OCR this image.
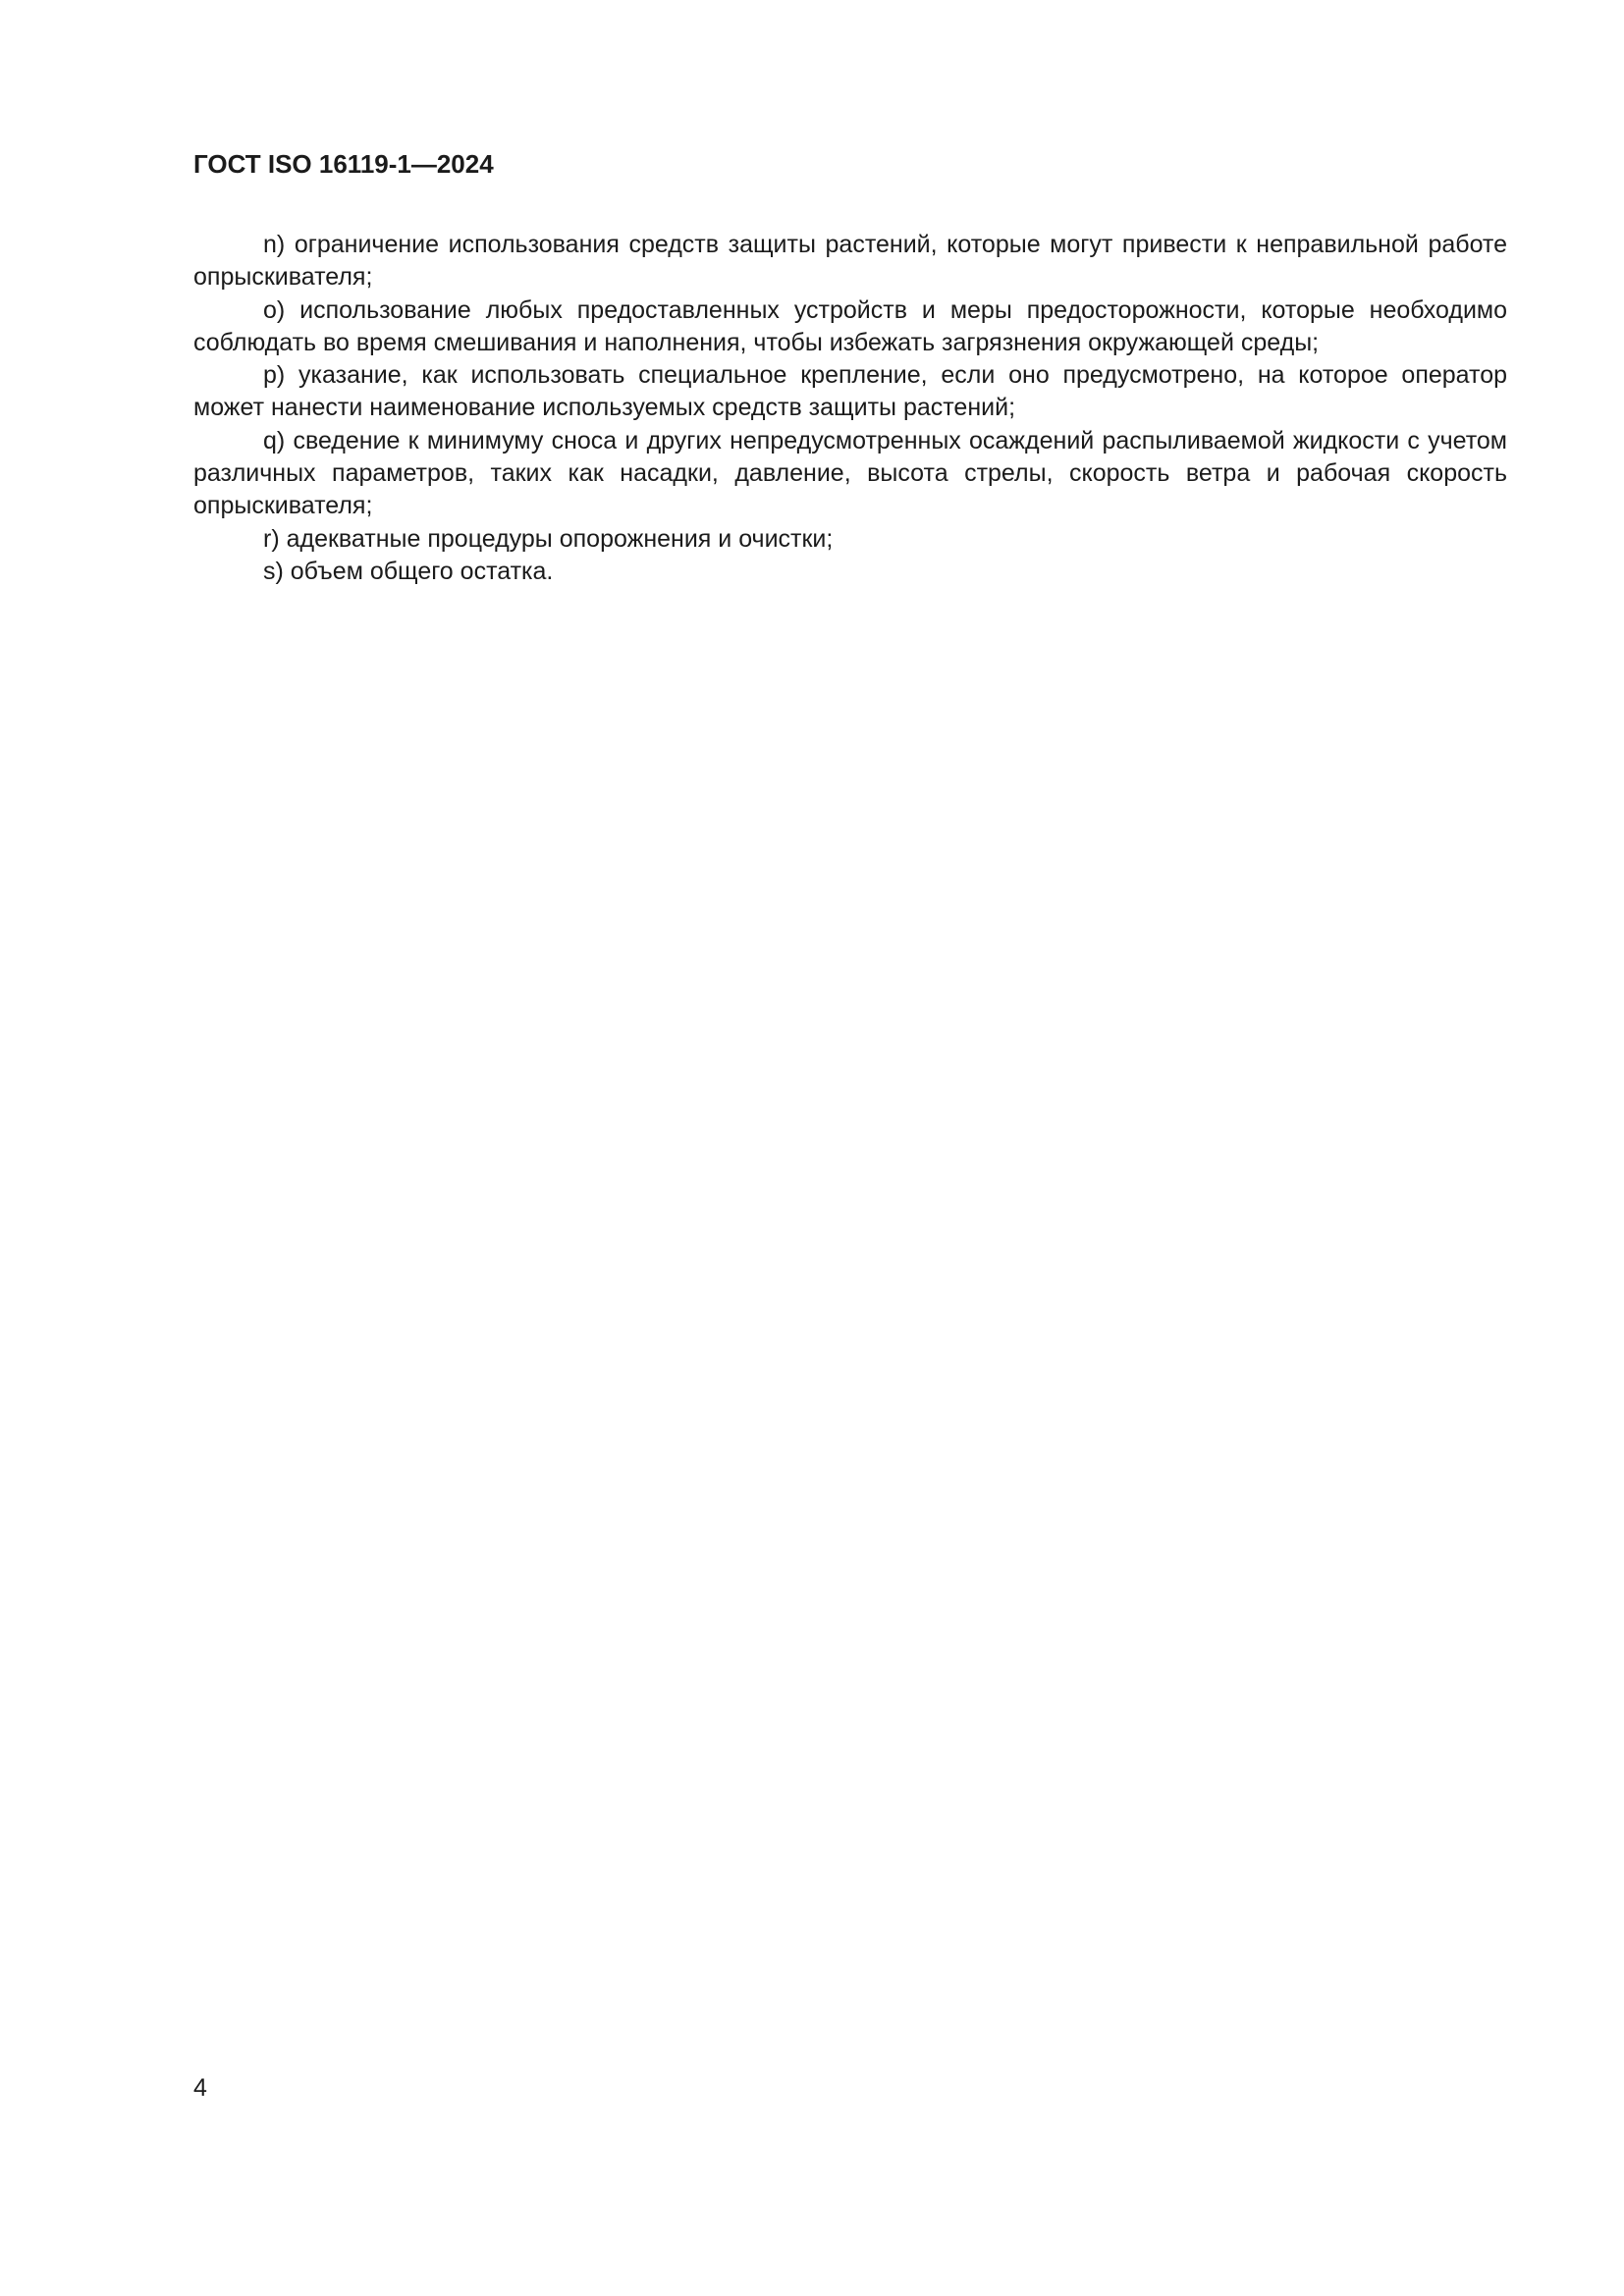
ГОСТ ISO 16119-1—2024

n) ограничение использования средств защиты растений, которые могут привести к неправильной работе опрыскивателя;

o) использование любых предоставленных устройств и меры предосторожности, которые необходимо соблюдать во время смешивания и наполнения, чтобы избежать загрязнения окружающей среды;

p) указание, как использовать специальное крепление, если оно предусмотрено, на которое оператор может нанести наименование используемых средств защиты растений;

q) сведение к минимуму сноса и других непредусмотренных осаждений распыливаемой жидкости с учетом различных параметров, таких как насадки, давление, высота стрелы, скорость ветра и рабочая скорость опрыскивателя;

r) адекватные процедуры опорожнения и очистки;

s) объем общего остатка.

4
